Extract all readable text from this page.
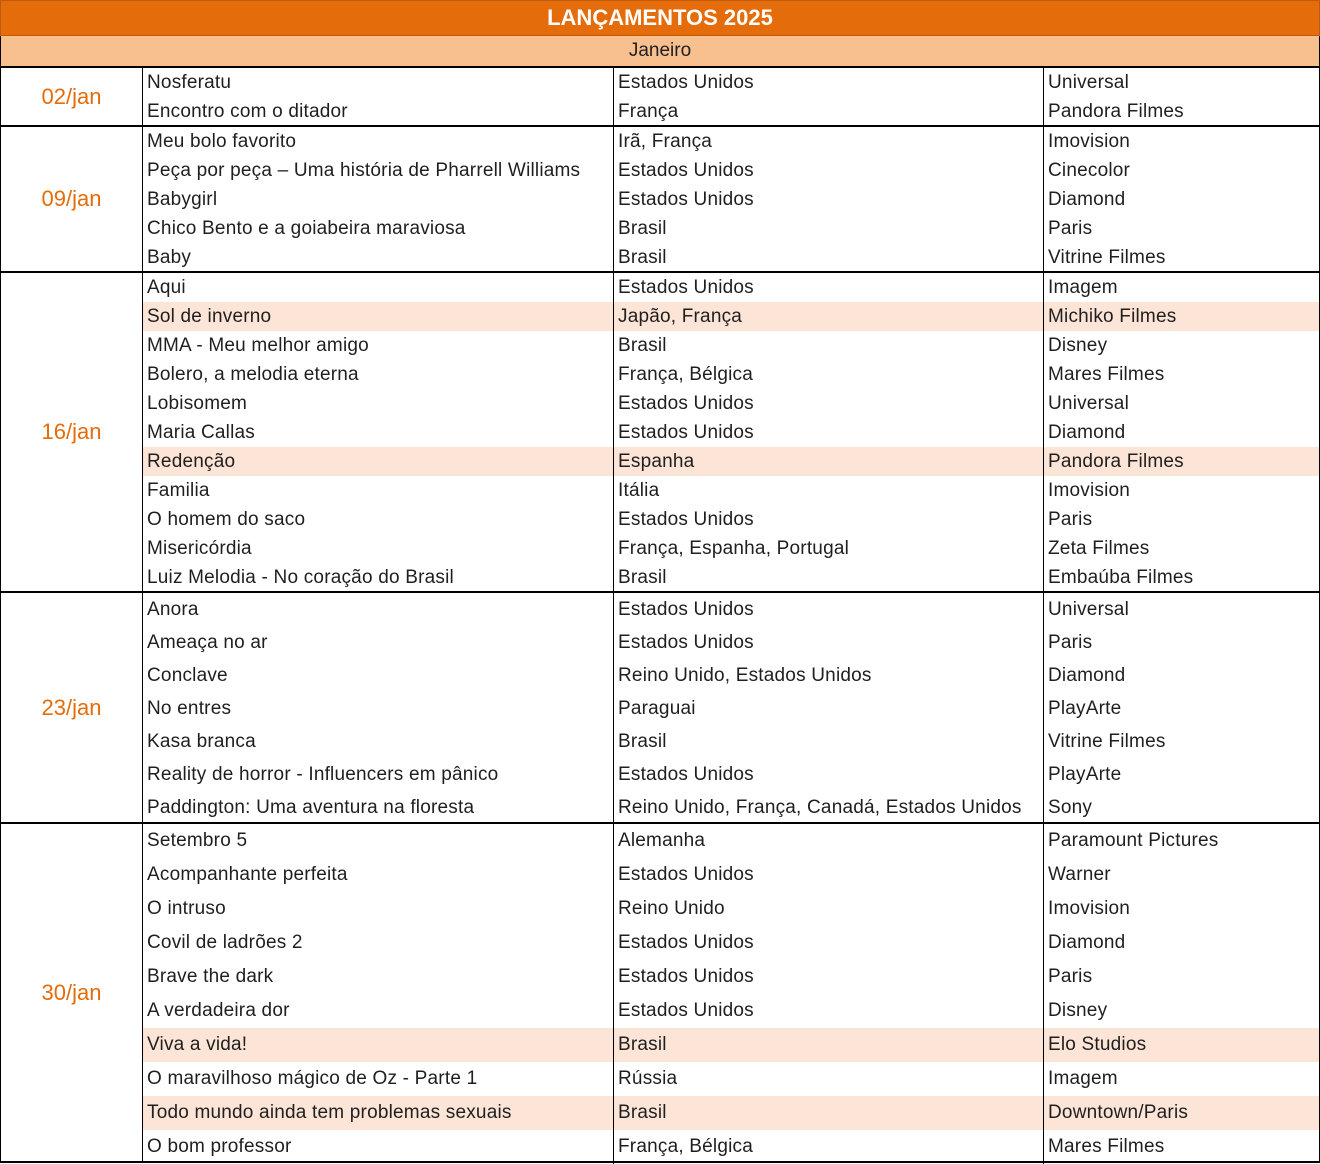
LANÇAMENTOS 2025
Janeiro
02/jan
Nosferatu	Estados Unidos	Universal
Encontro com o ditador	França	Pandora Filmes
09/jan
Meu bolo favorito	Irã, França	Imovision
Peça por peça – Uma história de Pharrell Williams	Estados Unidos	Cinecolor
Babygirl	Estados Unidos	Diamond
Chico Bento e a goiabeira maraviosa	Brasil	Paris
Baby	Brasil	Vitrine Filmes
16/jan
Aqui	Estados Unidos	Imagem
Sol de inverno	Japão, França	Michiko Filmes
MMA - Meu melhor amigo	Brasil	Disney
Bolero, a melodia eterna	França, Bélgica	Mares Filmes
Lobisomem	Estados Unidos	Universal
Maria Callas	Estados Unidos	Diamond
Redenção	Espanha	Pandora Filmes
Familia	Itália	Imovision
O homem do saco	Estados Unidos	Paris
Misericórdia	França, Espanha, Portugal	Zeta Filmes
Luiz Melodia - No coração do Brasil	Brasil	Embaúba Filmes
23/jan
Anora	Estados Unidos	Universal
Ameaça no ar	Estados Unidos	Paris
Conclave	Reino Unido, Estados Unidos	Diamond
No entres	Paraguai	PlayArte
Kasa branca	Brasil	Vitrine Filmes
Reality de horror - Influencers em pânico	Estados Unidos	PlayArte
Paddington: Uma aventura na floresta	Reino Unido, França, Canadá, Estados Unidos	Sony
30/jan
Setembro 5	Alemanha	Paramount Pictures
Acompanhante perfeita	Estados Unidos	Warner
O intruso	Reino Unido	Imovision
Covil de ladrões 2	Estados Unidos	Diamond
Brave the dark	Estados Unidos	Paris
A verdadeira dor	Estados Unidos	Disney
Viva a vida!	Brasil	Elo Studios
O maravilhoso mágico de Oz - Parte 1	Rússia	Imagem
Todo mundo ainda tem problemas sexuais	Brasil	Downtown/Paris
O bom professor	França, Bélgica	Mares Filmes
